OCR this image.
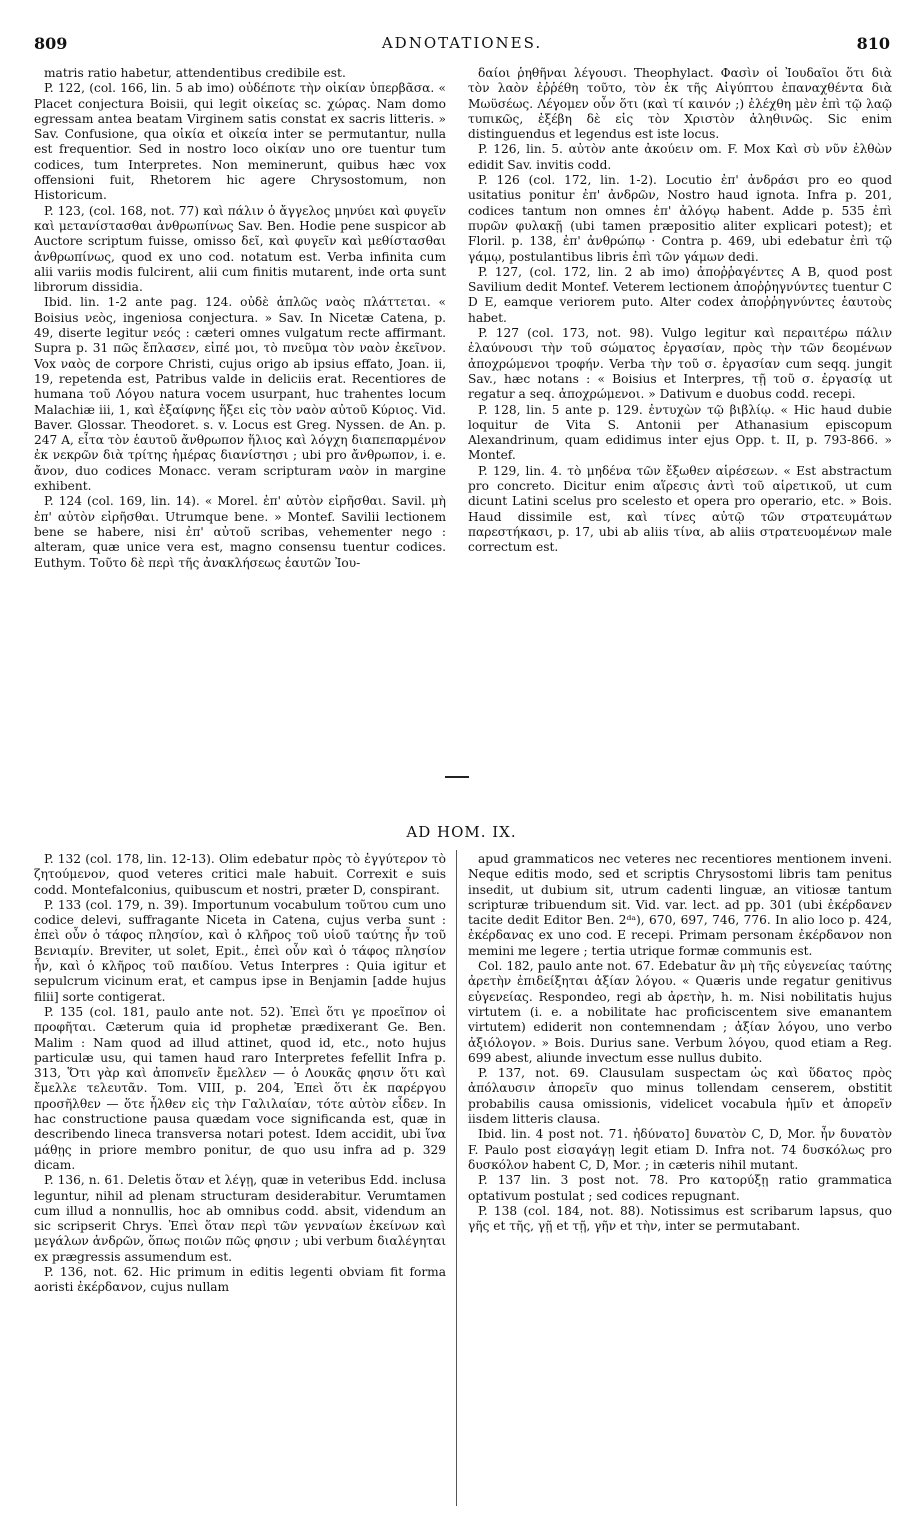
809	ADNOTATIONES.	810

matris ratio habetur, attendentibus credibile est.

P. 122, (col. 166, lin. 5 ab imo) οὐδέποτε τὴν οἰκίαν ὑπερβᾶσα. « Placet conjectura Boisii, qui legit οἰκείας sc. χώρας. Nam domo egressam antea beatam Virginem satis constat ex sacris litteris. » Sav. Confusione, qua οἰκία et οἰκεία inter se permutantur, nulla est frequentior. Sed in nostro loco οἰκίαν uno ore tuentur tum codices, tum Interpretes. Non meminerunt, quibus hæc vox offensioni fuit, Rhetorem hic agere Chrysostomum, non Historicum.

P. 123, (col. 168, not. 77) καὶ πάλιν ὁ ἄγγελος μηνύει καὶ φυγεῖν καὶ μετανίστασθαι ἀνθρωπίνως Sav. Ben. Hodie pene suspicor ab Auctore scriptum fuisse, omisso δεῖ, καὶ φυγεῖν καὶ μεθίστασθαι ἀνθρωπίνως, quod ex uno cod. notatum est. Verba infinita cum alii variis modis fulcirent, alii cum finitis mutarent, inde orta sunt librorum dissidia.

Ibid. lin. 1-2 ante pag. 124. οὐδὲ ἁπλῶς ναὸς πλάττεται. « Boisius νεὸς, ingeniosa conjectura. » Sav. In Nicetæ Catena, p. 49, diserte legitur νεός : cæteri omnes vulgatum recte affirmant. Supra p. 31 πῶς ἔπλασεν, εἰπέ μοι, τὸ πνεῦμα τὸν ναὸν ἐκεῖνον. Vox ναὸς de corpore Christi, cujus origo ab ipsius effato, Joan. ii, 19, repetenda est, Patribus valde in deliciis erat. Recentiores de humana τοῦ Λόγου natura vocem usurpant, huc trahentes locum Malachiæ iii, 1, καὶ ἐξαίφνης ἥξει εἰς τὸν ναὸν αὐτοῦ Κύριος. Vid. Baver. Glossar. Theodoret. s. v. Locus est Greg. Nyssen. de An. p. 247 A, εἶτα τὸν ἑαυτοῦ ἄνθρωπον ἥλιος καὶ λόγχη διαπεπαρμένον ἐκ νεκρῶν διὰ τρίτης ἡμέρας διανίστησι ; ubi pro ἄνθρωπον, i. e. ἄνον, duo codices Monacc. veram scripturam ναὸν in margine exhibent.

P. 124 (col. 169, lin. 14). « Morel. ἐπ' αὐτὸν εἰρῆσθαι. Savil. μὴ ἐπ' αὐτὸν εἰρῆσθαι. Utrumque bene. » Montef. Savilii lectionem bene se habere, nisi ἐπ' αὐτοῦ scribas, vehementer nego : alteram, quæ unice vera est, magno consensu tuentur codices. Euthym. Τοῦτο δὲ περὶ τῆς ἀνακλήσεως ἑαυτῶν Ἰου-

δαίοι ῥηθῆναι λέγουσι. Theophylact. Φασὶν οἱ Ἰουδαῖοι ὅτι διὰ τὸν λαὸν ἐῤῥέθη τοῦτο, τὸν ἐκ τῆς Αἰγύπτου ἐπαναχθέντα διὰ Μωϋσέως. Λέγομεν οὖν ὅτι (καὶ τί καινόν ;) ἐλέχθη μὲν ἐπὶ τῷ λαῷ τυπικῶς, ἐξέβη δὲ εἰς τὸν Χριστὸν ἀληθινῶς. Sic enim distinguendus et legendus est iste locus.

P. 126, lin. 5. αὐτὸν ante ἀκούειν om. F. Mox Καὶ σὺ νῦν ἐλθὼν edidit Sav. invitis codd.

P. 126 (col. 172, lin. 1-2). Locutio ἐπ' ἀνδράσι pro eo quod usitatius ponitur ἐπ' ἀνδρῶν, Nostro haud ignota. Infra p. 201, codices tantum non omnes ἐπ' ἀλόγῳ habent. Adde p. 535 ἐπὶ πυρῶν φυλακῇ (ubi tamen præpositio aliter explicari potest); et Floril. p. 138, ἐπ' ἀνθρώπῳ · Contra p. 469, ubi edebatur ἐπὶ τῷ γάμῳ, postulantibus libris ἐπὶ τῶν γάμων dedi.

P. 127, (col. 172, lin. 2 ab imo) ἀποῤῥαγέντες A B, quod post Savilium dedit Montef. Veterem lectionem ἀποῤῥηγνύντες tuentur C D E, eamque veriorem puto. Alter codex ἀποῤῥηγνύντες ἑαυτοὺς habet.

P. 127 (col. 173, not. 98). Vulgo legitur καὶ περαιτέρω πάλιν ἐλαύνουσι τὴν τοῦ σώματος ἐργασίαν, πρὸς τὴν τῶν δεομένων ἀποχρώμενοι τροφήν. Verba τὴν τοῦ σ. ἐργασίαν cum seqq. jungit Sav., hæc notans : « Boisius et Interpres, τῇ τοῦ σ. ἐργασίᾳ ut regatur a seq. ἀποχρώμενοι. » Dativum e duobus codd. recepi.

P. 128, lin. 5 ante p. 129. ἐντυχὼν τῷ βιβλίῳ. « Hic haud dubie loquitur de Vita S. Antonii per Athanasium episcopum Alexandrinum, quam edidimus inter ejus Opp. t. II, p. 793-866. » Montef.

P. 129, lin. 4. τὸ μηδένα τῶν ἔξωθεν αἱρέσεων. « Est abstractum pro concreto. Dicitur enim αἵρεσις ἀντὶ τοῦ αἱρετικοῦ, ut cum dicunt Latini scelus pro scelesto et opera pro operario, etc. » Bois. Haud dissimile est, καὶ τίνες αὐτῷ τῶν στρατευμάτων παρεστήκασι, p. 17, ubi ab aliis τίνα, ab aliis στρατευομένων male correctum est.

AD HOM. IX.

P. 132 (col. 178, lin. 12-13). Olim edebatur πρὸς τὸ ἐγγύτερον τὸ ζητούμενον, quod veteres critici male habuit. Correxit e suis codd. Montefalconius, quibuscum et nostri, præter D, conspirant.

P. 133 (col. 179, n. 39). Importunum vocabulum τοῦτου cum uno codice delevi, suffragante Niceta in Catena, cujus verba sunt : ἐπεὶ οὖν ὁ τάφος πλησίον, καὶ ὁ κλῆρος τοῦ υἱοῦ ταύτης ἦν τοῦ Βενιαμίν. Breviter, ut solet, Epit., ἐπεὶ οὖν καὶ ὁ τάφος πλησίον ἦν, καὶ ὁ κλῆρος τοῦ παιδίου. Vetus Interpres : Quia igitur et sepulcrum vicinum erat, et campus ipse in Benjamin [adde hujus filii] sorte contigerat.

P. 135 (col. 181, paulo ante not. 52). Ἐπεὶ ὅτι γε προεῖπον οἱ προφῆται. Cæterum quia id prophetæ prædixerant Ge. Ben. Malim : Nam quod ad illud attinet, quod id, etc., noto hujus particulæ usu, qui tamen haud raro Interpretes fefellit Infra p. 313, Ὅτι γὰρ καὶ ἀποπνεῖν ἔμελλεν — ὁ Λουκᾶς φησιν ὅτι καὶ ἔμελλε τελευτᾶν. Tom. VIII, p. 204, Ἐπεὶ ὅτι ἐκ παρέργου προσῆλθεν — ὅτε ἦλθεν εἰς τὴν Γαλιλαίαν, τότε αὐτὸν εἶδεν. In hac constructione pausa quædam voce significanda est, quæ in describendo lineca transversa notari potest. Idem accidit, ubi ἵνα μάθῃς in priore membro ponitur, de quo usu infra ad p. 329 dicam.

P. 136, n. 61. Deletis ὅταν et λέγῃ, quæ in veteribus Edd. inclusa leguntur, nihil ad plenam structuram desiderabitur. Verumtamen cum illud a nonnullis, hoc ab omnibus codd. absit, videndum an sic scripserit Chrys. Ἐπεὶ ὅταν περὶ τῶν γενναίων ἐκείνων καὶ μεγάλων ἀνδρῶν, ὅπως ποιῶν πῶς φησιν ; ubi verbum διαλέγηται ex prægressis assumendum est.

P. 136, not. 62. Hic primum in editis legenti obviam fit forma aoristi ἐκέρδανον, cujus nullam

apud grammaticos nec veteres nec recentiores mentionem inveni. Neque editis modo, sed et scriptis Chrysostomi libris tam penitus insedit, ut dubium sit, utrum cadenti linguæ, an vitiosæ tantum scripturæ tribuendum sit. Vid. var. lect. ad pp. 301 (ubi ἐκέρδανεν tacite dedit Editor Ben. 2ᵈᵃ), 670, 697, 746, 776. In alio loco p. 424, ἐκέρδανας ex uno cod. E recepi. Primam personam ἐκέρδανον non memini me legere ; tertia utrique formæ communis est.

Col. 182, paulo ante not. 67. Edebatur ἂν μὴ τῆς εὐγενείας ταύτης ἀρετὴν ἐπιδείξηται ἀξίαν λόγου. « Quæris unde regatur genitivus εὐγενείας. Respondeo, regi ab ἀρετὴν, h. m. Nisi nobilitatis hujus virtutem (i. e. a nobilitate hac proficiscentem sive emanantem virtutem) ediderit non contemnendam ; ἀξίαν λόγου, uno verbo ἀξιόλογον. » Bois. Durius sane. Verbum λόγου, quod etiam a Reg. 699 abest, aliunde invectum esse nullus dubito.

P. 137, not. 69. Clausulam suspectam ὡς καὶ ὕδατος πρὸς ἀπόλαυσιν ἀπορεῖν quo minus tollendam censerem, obstitit probabilis causa omissionis, videlicet vocabula ἡμῖν et ἀπορεῖν iisdem litteris clausa.

Ibid. lin. 4 post not. 71. ἠδύνατο] δυνατὸν C, D, Mor. ἦν δυνατὸν F. Paulo post εἰσαγάγῃ legit etiam D. Infra not. 74 δυσκόλως pro δυσκόλον habent C, D, Mor. ; in cæteris nihil mutant.

P. 137 lin. 3 post not. 78. Pro κατορύξῃ ratio grammatica optativum postulat ; sed codices repugnant.

P. 138 (col. 184, not. 88). Notissimus est scribarum lapsus, quo γῆς et τῆς, γῇ et τῇ, γῆν et τὴν, inter se permutabant.
